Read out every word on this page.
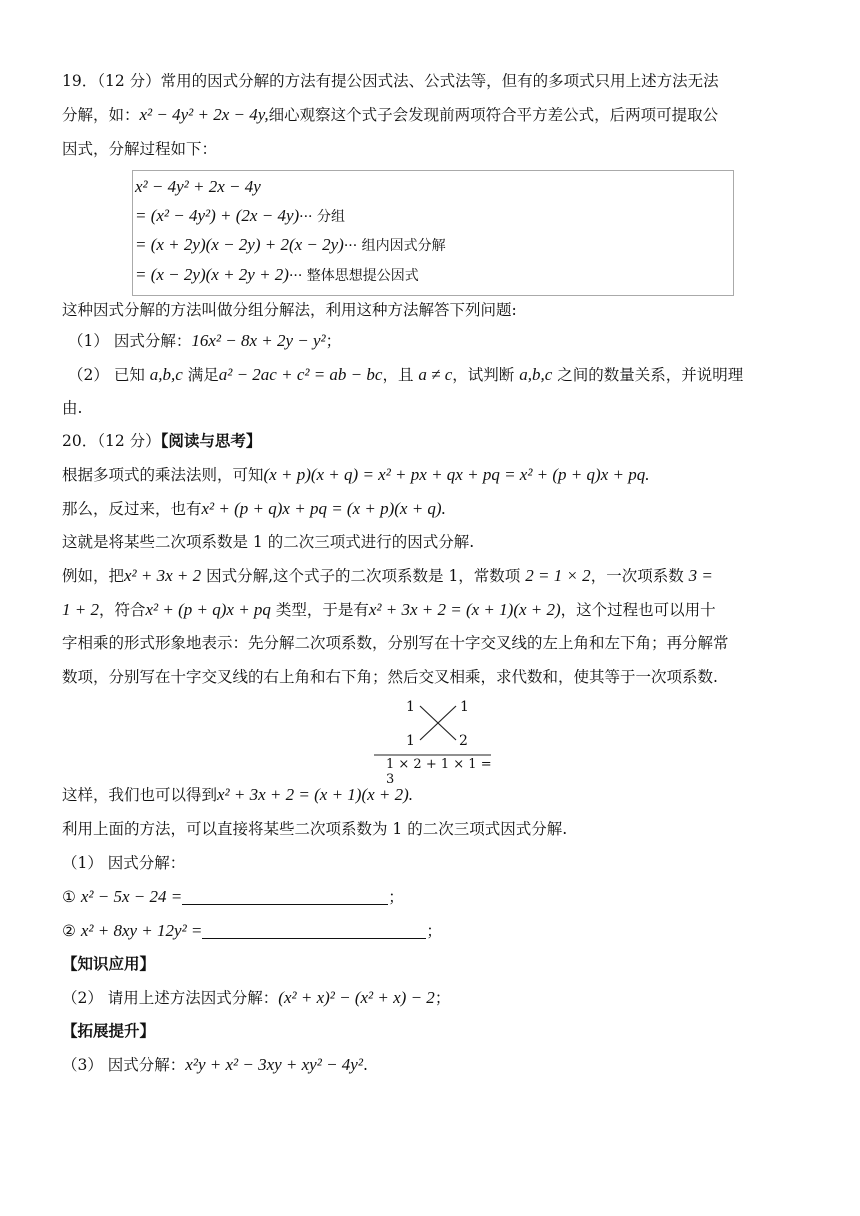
19．（12 分）常用的因式分解的方法有提公因式法、公式法等，但有的多项式只用上述方法无法
分解，如：x² − 4y² + 2x − 4y,细心观察这个式子会发现前两项符合平方差公式，后两项可提取公
因式，分解过程如下：
x² − 4y² + 2x − 4y
= (x² − 4y²) + (2x − 4y)··· 分组
= (x + 2y)(x − 2y) + 2(x − 2y)··· 组内因式分解
= (x − 2y)(x + 2y + 2)··· 整体思想提公因式
这种因式分解的方法叫做分组分解法，利用这种方法解答下列问题:
（1） 因式分解：16x² − 8x + 2y − y²；
（2） 已知 a,b,c 满足a² − 2ac + c² = ab − bc，且 a ≠ c，试判断 a,b,c 之间的数量关系，并说明理
由.
20．（12 分）【阅读与思考】
根据多项式的乘法法则，可知(x + p)(x + q) = x² + px + qx + pq = x² + (p + q)x + pq.
那么，反过来，也有x² + (p + q)x + pq = (x + p)(x + q).
这就是将某些二次项系数是 1 的二次三项式进行的因式分解.
例如，把x² + 3x + 2 因式分解,这个式子的二次项系数是 1，常数项 2 = 1 × 2，一次项系数 3 =
1 + 2，符合x² + (p + q)x + pq 类型，于是有x² + 3x + 2 = (x + 1)(x + 2)，这个过程也可以用十
字相乘的形式形象地表示：先分解二次项系数，分别写在十字交叉线的左上角和左下角；再分解常
数项，分别写在十字交叉线的右上角和右下角；然后交叉相乘，求代数和，使其等于一次项系数.
1	1
1	2
1 × 2 + 1 × 1 = 3
这样，我们也可以得到x² + 3x + 2 = (x + 1)(x + 2).
利用上面的方法，可以直接将某些二次项系数为 1 的二次三项式因式分解.
（1） 因式分解：
① x² − 5x − 24 =	；
② x² + 8xy + 12y² =	；
【知识应用】
（2） 请用上述方法因式分解：(x² + x)² − (x² + x) − 2；
【拓展提升】
（3） 因式分解：x²y + x² − 3xy + xy² − 4y².
